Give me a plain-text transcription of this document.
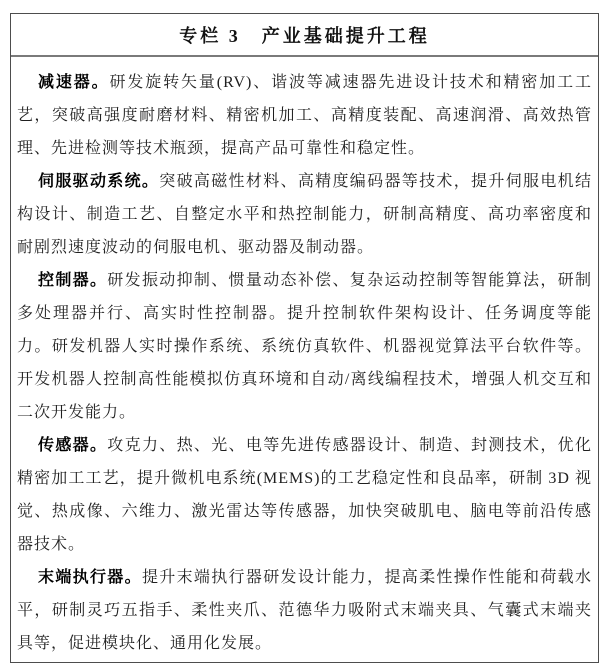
专栏 3　产业基础提升工程

减速器。研发旋转矢量(RV)、谐波等减速器先进设计技术和精密加工工艺，突破高强度耐磨材料、精密机加工、高精度装配、高速润滑、高效热管理、先进检测等技术瓶颈，提高产品可靠性和稳定性。

伺服驱动系统。突破高磁性材料、高精度编码器等技术，提升伺服电机结构设计、制造工艺、自整定水平和热控制能力，研制高精度、高功率密度和耐剧烈速度波动的伺服电机、驱动器及制动器。

控制器。研发振动抑制、惯量动态补偿、复杂运动控制等智能算法，研制多处理器并行、高实时性控制器。提升控制软件架构设计、任务调度等能力。研发机器人实时操作系统、系统仿真软件、机器视觉算法平台软件等。开发机器人控制高性能模拟仿真环境和自动/离线编程技术，增强人机交互和二次开发能力。

传感器。攻克力、热、光、电等先进传感器设计、制造、封测技术，优化精密加工工艺，提升微机电系统(MEMS)的工艺稳定性和良品率，研制 3D 视觉、热成像、六维力、激光雷达等传感器，加快突破肌电、脑电等前沿传感器技术。

末端执行器。提升末端执行器研发设计能力，提高柔性操作性能和荷载水平，研制灵巧五指手、柔性夹爪、范德华力吸附式末端夹具、气囊式末端夹具等，促进模块化、通用化发展。
